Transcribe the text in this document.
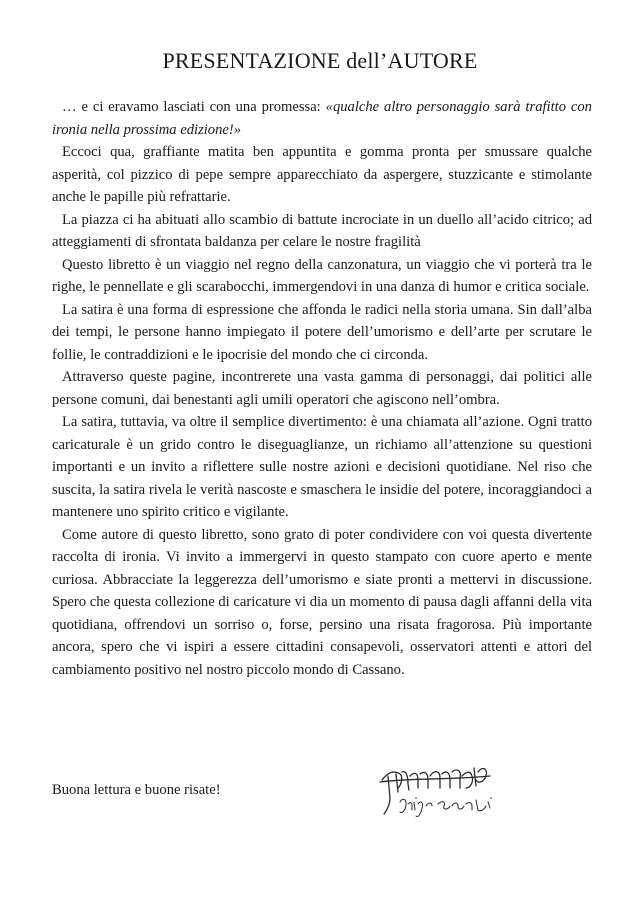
PRESENTAZIONE dell’AUTORE

… e ci eravamo lasciati con una promessa: «qualche altro personaggio sarà trafitto con ironia nella prossima edizione!»

Eccoci qua, graffiante matita ben appuntita e gomma pronta per smussare qualche asperità, col pizzico di pepe sempre apparecchiato da aspergere, stuzzicante e stimolante anche le papille più refrattarie.

La piazza ci ha abituati allo scambio di battute incrociate in un duello all’acido citrico; ad atteggiamenti di sfrontata baldanza per celare le nostre fragilità

Questo libretto è un viaggio nel regno della canzonatura, un viaggio che vi porterà tra le righe, le pennellate e gli scarabocchi, immergendovi in una danza di humor e critica sociale.

La satira è una forma di espressione che affonda le radici nella storia umana. Sin dall’alba dei tempi, le persone hanno impiegato il potere dell’umorismo e dell’arte per scrutare le follie, le contraddizioni e le ipocrisie del mondo che ci circonda.

Attraverso queste pagine, incontrerete una vasta gamma di personaggi, dai politici alle persone comuni, dai benestanti agli umili operatori che agiscono nell’ombra.

La satira, tuttavia, va oltre il semplice divertimento: è una chiamata all’azione. Ogni tratto caricaturale è un grido contro le diseguaglianze, un richiamo all’attenzione su questioni importanti e un invito a riflettere sulle nostre azioni e decisioni quotidiane. Nel riso che suscita, la satira rivela le verità nascoste e smaschera le insidie del potere, incoraggiandoci a mantenere uno spirito critico e vigilante.

Come autore di questo libretto, sono grato di poter condividere con voi questa divertente raccolta di ironia. Vi invito a immergervi in questo stampato con cuore aperto e mente curiosa. Abbracciate la leggerezza dell’umorismo e siate pronti a mettervi in discussione. Spero che questa collezione di caricature vi dia un momento di pausa dagli affanni della vita quotidiana, offrendovi un sorriso o, forse, persino una risata fragorosa. Più importante ancora, spero che vi ispiri a essere cittadini consapevoli, osservatori attenti e attori del cambiamento positivo nel nostro piccolo mondo di Cassano.

Buona lettura e buone risate!
